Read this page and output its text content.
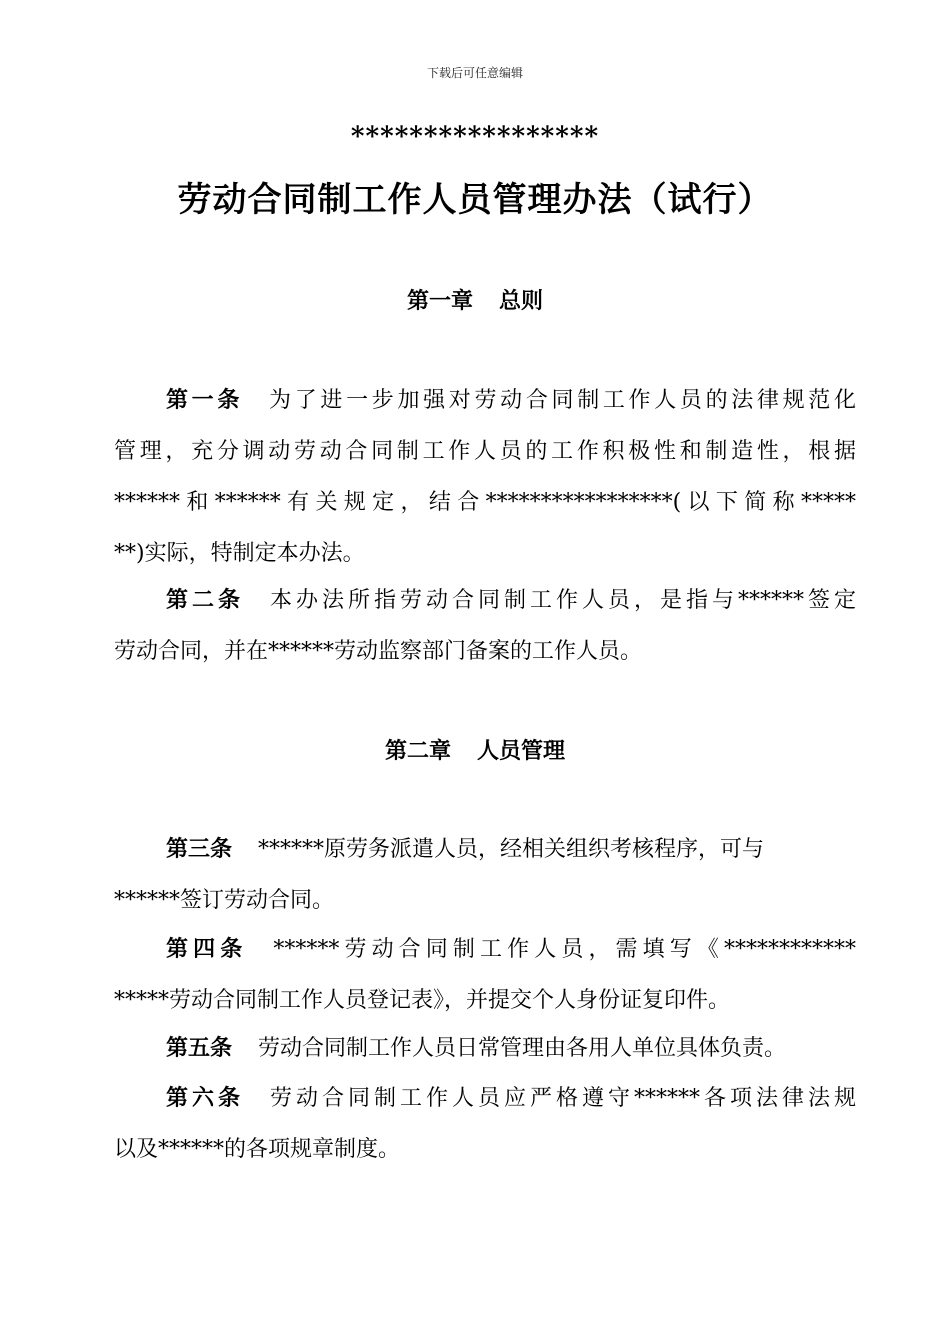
下载后可任意编辑
*****************
劳动合同制工作人员管理办法（试行）
第一章 总则
第一条 为了进一步加强对劳动合同制工作人员的法律规范化
管理，充分调动劳动合同制工作人员的工作积极性和制造性，根据
******和******有关规定，结合*****************(以下简称*****
**)实际，特制定本办法。
第二条 本办法所指劳动合同制工作人员，是指与******签定
劳动合同，并在******劳动监察部门备案的工作人员。
第二章 人员管理
第三条 ******原劳务派遣人员，经相关组织考核程序，可与
******签订劳动合同。
第四条 ******劳动合同制工作人员，需填写《************
*****劳动合同制工作人员登记表》，并提交个人身份证复印件。
第五条 劳动合同制工作人员日常管理由各用人单位具体负责。
第六条 劳动合同制工作人员应严格遵守******各项法律法规
以及******的各项规章制度。
